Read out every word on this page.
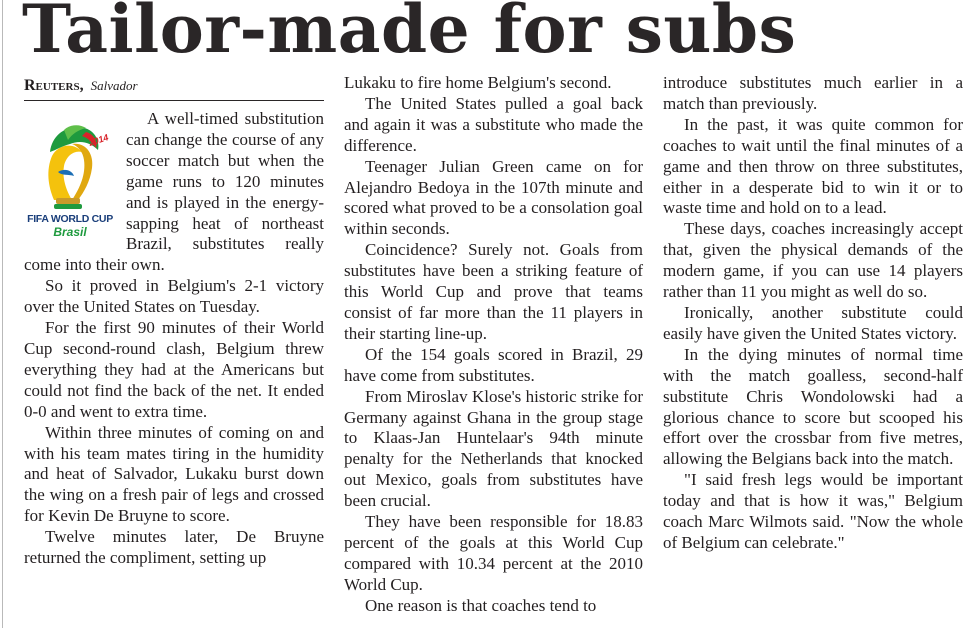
Tailor-made for subs
Reuters, Salvador
2014
FIFA WORLD CUP
Brasil

A well-timed substitution can change the course of any soccer match but when the game runs to 120 minutes and is played in the energy-sapping heat of northeast Brazil, substitutes really come into their own.

So it proved in Belgium's 2-1 victory over the United States on Tuesday.

For the first 90 minutes of their World Cup second-round clash, Belgium threw everything they had at the Americans but could not find the back of the net. It ended 0-0 and went to extra time.

Within three minutes of coming on and with his team mates tiring in the humidity and heat of Salvador, Lukaku burst down the wing on a fresh pair of legs and crossed for Kevin De Bruyne to score.

Twelve minutes later, De Bruyne returned the compliment, setting up

Lukaku to fire home Belgium's second.

The United States pulled a goal back and again it was a substitute who made the difference.

Teenager Julian Green came on for Alejandro Bedoya in the 107th minute and scored what proved to be a consolation goal within seconds.

Coincidence? Surely not. Goals from substitutes have been a striking feature of this World Cup and prove that teams consist of far more than the 11 players in their starting line-up.

Of the 154 goals scored in Brazil, 29 have come from substitutes.

From Miroslav Klose's historic strike for Germany against Ghana in the group stage to Klaas-Jan Huntelaar's 94th minute penalty for the Netherlands that knocked out Mexico, goals from substitutes have been crucial.

They have been responsible for 18.83 percent of the goals at this World Cup compared with 10.34 percent at the 2010 World Cup.

One reason is that coaches tend to

introduce substitutes much earlier in a match than previously.

In the past, it was quite common for coaches to wait until the final minutes of a game and then throw on three substitutes, either in a desperate bid to win it or to waste time and hold on to a lead.

These days, coaches increasingly accept that, given the physical demands of the modern game, if you can use 14 players rather than 11 you might as well do so.

Ironically, another substitute could easily have given the United States victory.

In the dying minutes of normal time with the match goalless, second-half substitute Chris Wondolowski had a glorious chance to score but scooped his effort over the crossbar from five metres, allowing the Belgians back into the match.

"I said fresh legs would be important today and that is how it was," Belgium coach Marc Wilmots said. "Now the whole of Belgium can celebrate."
